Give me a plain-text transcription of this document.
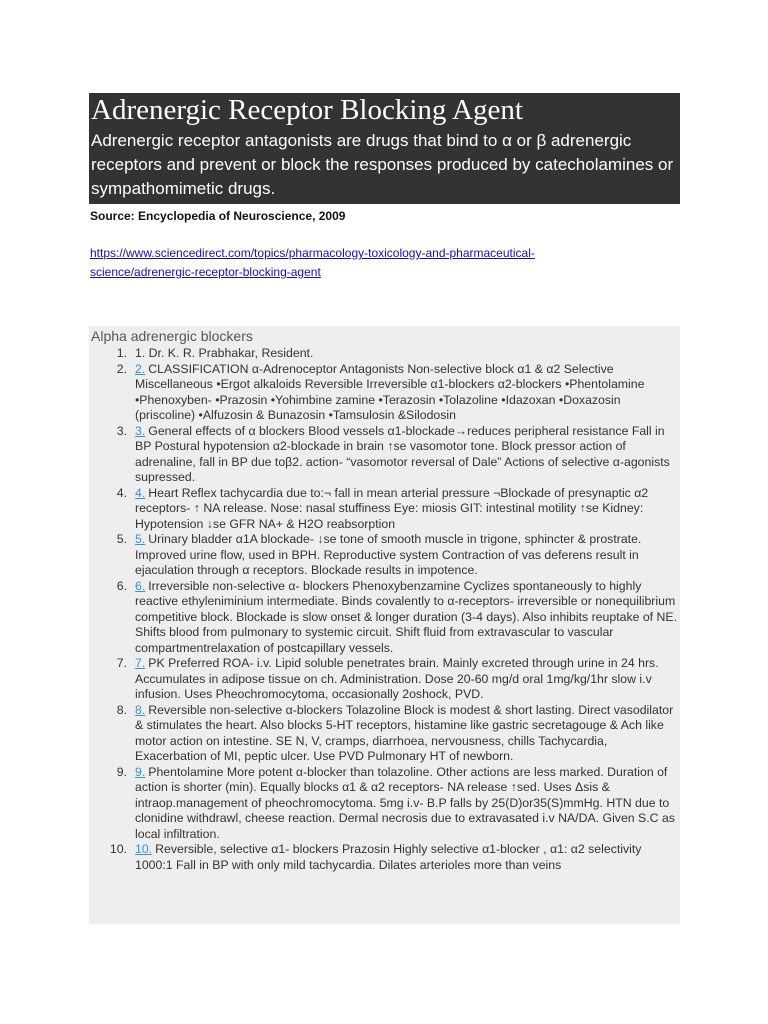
Adrenergic Receptor Blocking Agent
Adrenergic receptor antagonists are drugs that bind to α or β adrenergic receptors and prevent or block the responses produced by catecholamines or sympathomimetic drugs.
Source: Encyclopedia of Neuroscience, 2009
https://www.sciencedirect.com/topics/pharmacology-toxicology-and-pharmaceutical-science/adrenergic-receptor-blocking-agent
Alpha adrenergic blockers
1. 1. Dr. K. R. Prabhakar, Resident.
2. 2. CLASSIFICATION α-Adrenoceptor Antagonists Non-selective block α1 & α2 Selective Miscellaneous •Ergot alkaloids Reversible Irreversible α1-blockers α2-blockers •Phentolamine •Phenoxyben- •Prazosin •Yohimbine zamine •Terazosin •Tolazoline •Idazoxan •Doxazosin (priscoline) •Alfuzosin & Bunazosin •Tamsulosin &Silodosin
3. 3. General effects of α blockers Blood vessels α1-blockade→reduces peripheral resistance Fall in BP Postural hypotension α2-blockade in brain ↑se vasomotor tone. Block pressor action of adrenaline, fall in BP due toβ2. action- “vasomotor reversal of Dale” Actions of selective α-agonists supressed.
4. 4. Heart Reflex tachycardia due to:¬ fall in mean arterial pressure ¬Blockade of presynaptic α2 receptors- ↑ NA release. Nose: nasal stuffiness Eye: miosis GIT: intestinal motility ↑se Kidney: Hypotension ↓se GFR NA+ & H2O reabsorption
5. 5. Urinary bladder α1A blockade- ↓se tone of smooth muscle in trigone, sphincter & prostrate. Improved urine flow, used in BPH. Reproductive system Contraction of vas deferens result in ejaculation through α receptors. Blockade results in impotence.
6. 6. Irreversible non-selective α- blockers Phenoxybenzamine Cyclizes spontaneously to highly reactive ethyleniminium intermediate. Binds covalently to α-receptors- irreversible or nonequilibrium competitive block. Blockade is slow onset & longer duration (3-4 days). Also inhibits reuptake of NE. Shifts blood from pulmonary to systemic circuit. Shift fluid from extravascular to vascular compartmentrelaxation of postcapillary vessels.
7. 7. PK Preferred ROA- i.v. Lipid soluble penetrates brain. Mainly excreted through urine in 24 hrs. Accumulates in adipose tissue on ch. Administration. Dose 20-60 mg/d oral 1mg/kg/1hr slow i.v infusion. Uses Pheochromocytoma, occasionally 2oshock, PVD.
8. 8. Reversible non-selective α-blockers Tolazoline Block is modest & short lasting. Direct vasodilator & stimulates the heart. Also blocks 5-HT receptors, histamine like gastric secretagouge & Ach like motor action on intestine. SE N, V, cramps, diarrhoea, nervousness, chills Tachycardia, Exacerbation of MI, peptic ulcer. Use PVD Pulmonary HT of newborn.
9. 9. Phentolamine More potent α-blocker than tolazoline. Other actions are less marked. Duration of action is shorter (min). Equally blocks α1 & α2 receptors- NA release ↑sed. Uses Δsis & intraop.management of pheochromocytoma. 5mg i.v- B.P falls by 25(D)or35(S)mmHg. HTN due to clonidine withdrawl, cheese reaction. Dermal necrosis due to extravasated i.v NA/DA. Given S.C as local infiltration.
10. 10. Reversible, selective α1- blockers Prazosin Highly selective α1-blocker , α1: α2 selectivity 1000:1 Fall in BP with only mild tachycardia. Dilates arterioles more than veins
